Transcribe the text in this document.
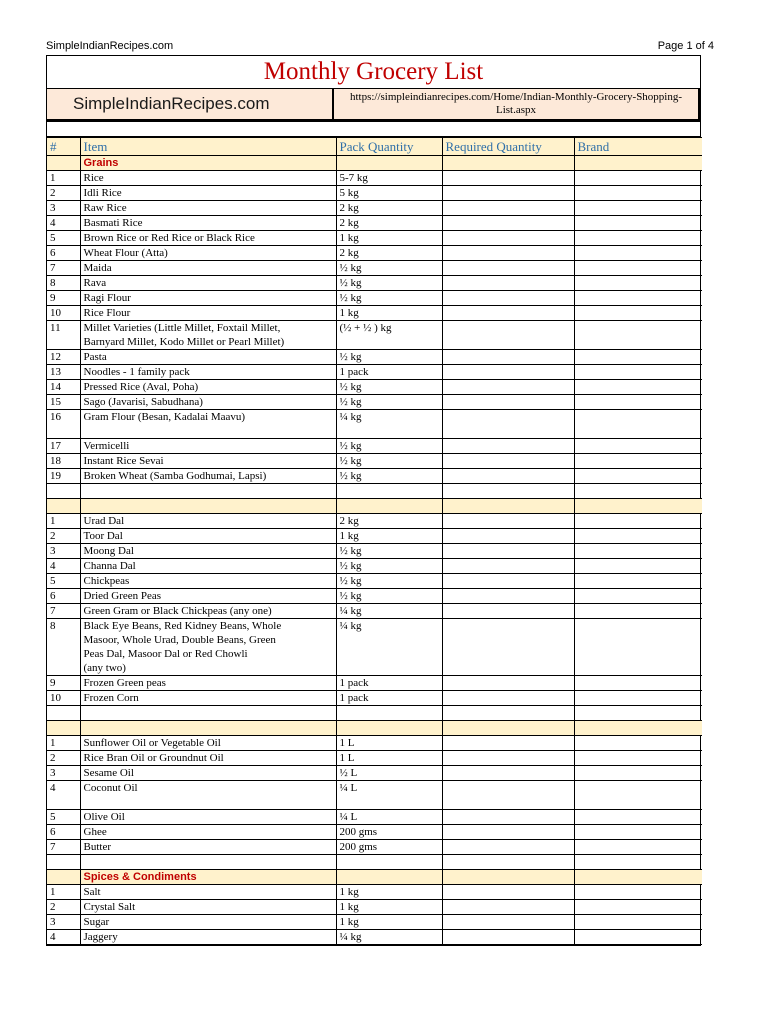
SimpleIndianRecipes.com	Page 1 of 4
Monthly Grocery List
SimpleIndianRecipes.com	https://simpleindianrecipes.com/Home/Indian-Monthly-Grocery-Shopping-List.aspx
#	Item	Pack Quantity	Required Quantity	Brand
	Grains			
1	Rice	5-7 kg		
2	Idli Rice	5 kg		
3	Raw Rice	2 kg		
4	Basmati Rice	2 kg		
5	Brown Rice or Red Rice or Black Rice	1 kg		
6	Wheat Flour (Atta)	2 kg		
7	Maida	½ kg		
8	Rava	½ kg		
9	Ragi Flour	½ kg		
10	Rice Flour	1 kg		
11	Millet Varieties (Little Millet, Foxtail Millet,
Barnyard Millet, Kodo Millet or Pearl Millet)	(½ + ½ ) kg		
12	Pasta	½ kg		
13	Noodles - 1 family pack	1 pack		
14	Pressed Rice (Aval, Poha)	½ kg		
15	Sago (Javarisi, Sabudhana)	½ kg		
16	Gram Flour (Besan, Kadalai Maavu)	¼ kg		
17	Vermicelli	½ kg		
18	Instant Rice Sevai	½ kg		
19	Broken Wheat (Samba Godhumai, Lapsi)	½ kg		

1	Urad Dal	2 kg		
2	Toor Dal	1 kg		
3	Moong Dal	½ kg		
4	Channa Dal	½ kg		
5	Chickpeas	½ kg		
6	Dried Green Peas	½ kg		
7	Green Gram or Black Chickpeas (any one)	¼ kg		
8	Black Eye Beans, Red Kidney Beans, Whole
Masoor, Whole Urad, Double Beans, Green
Peas Dal, Masoor Dal or Red Chowli
(any two)	¼ kg		
9	Frozen Green peas	1 pack		
10	Frozen Corn	1 pack		

1	Sunflower Oil or Vegetable Oil	1 L		
2	Rice Bran Oil or Groundnut Oil	1 L		
3	Sesame Oil	½ L		
4	Coconut Oil	¼ L		
5	Olive Oil	¼ L		
6	Ghee	200 gms		
7	Butter	200 gms		

	Spices & Condiments			
1	Salt	1 kg		
2	Crystal Salt	1 kg		
3	Sugar	1 kg		
4	Jaggery	¼ kg		
